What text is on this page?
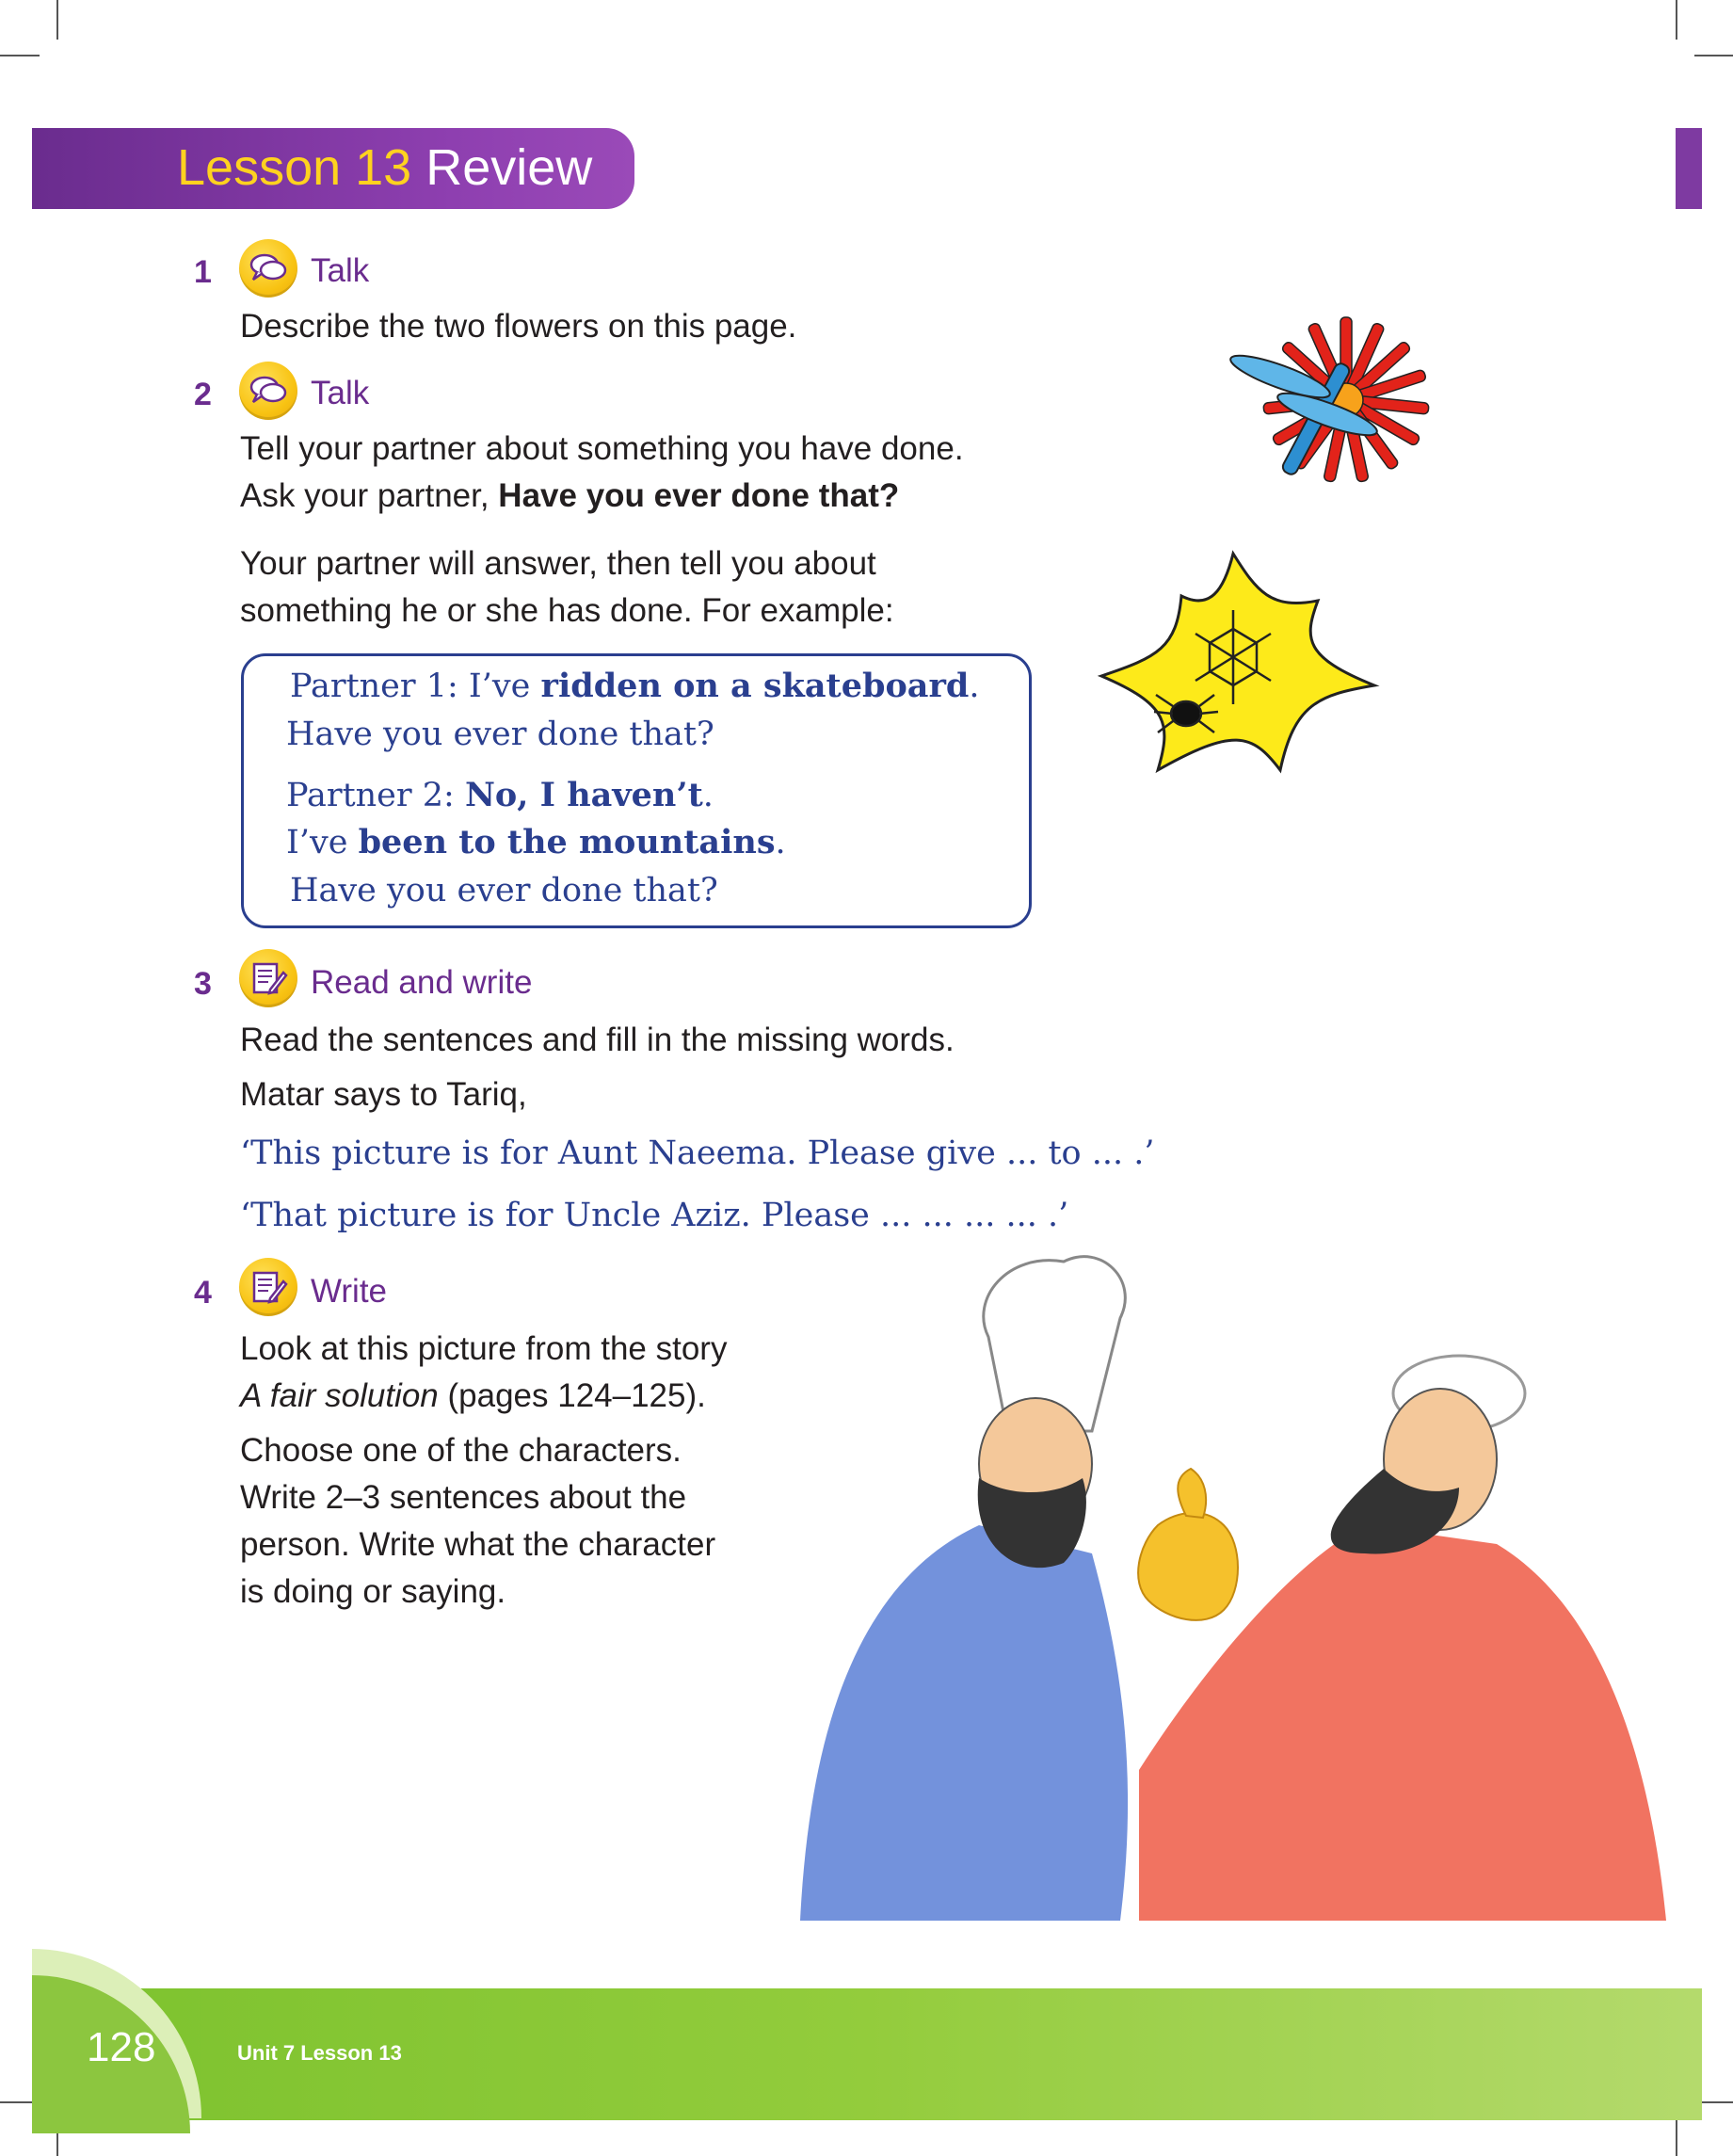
Lesson 13 Review
1	Talk
Describe the two flowers on this page.
2	Talk
Tell your partner about something you have done.
Ask your partner, Have you ever done that?
Your partner will answer, then tell you about
something he or she has done. For example:
Partner 1: I’ve ridden on a skateboard.
Have you ever done that?
Partner 2: No, I haven’t.
I’ve been to the mountains.
Have you ever done that?
3	Read and write
Read the sentences and fill in the missing words.
Matar says to Tariq,
‘This picture is for Aunt Naeema. Please give ... to ... .’
‘That picture is for Uncle Aziz. Please ... ... ... ... .’
4	Write
Look at this picture from the story
A fair solution (pages 124–125).
Choose one of the characters.
Write 2–3 sentences about the
person. Write what the character
is doing or saying.
128	Unit 7 Lesson 13
